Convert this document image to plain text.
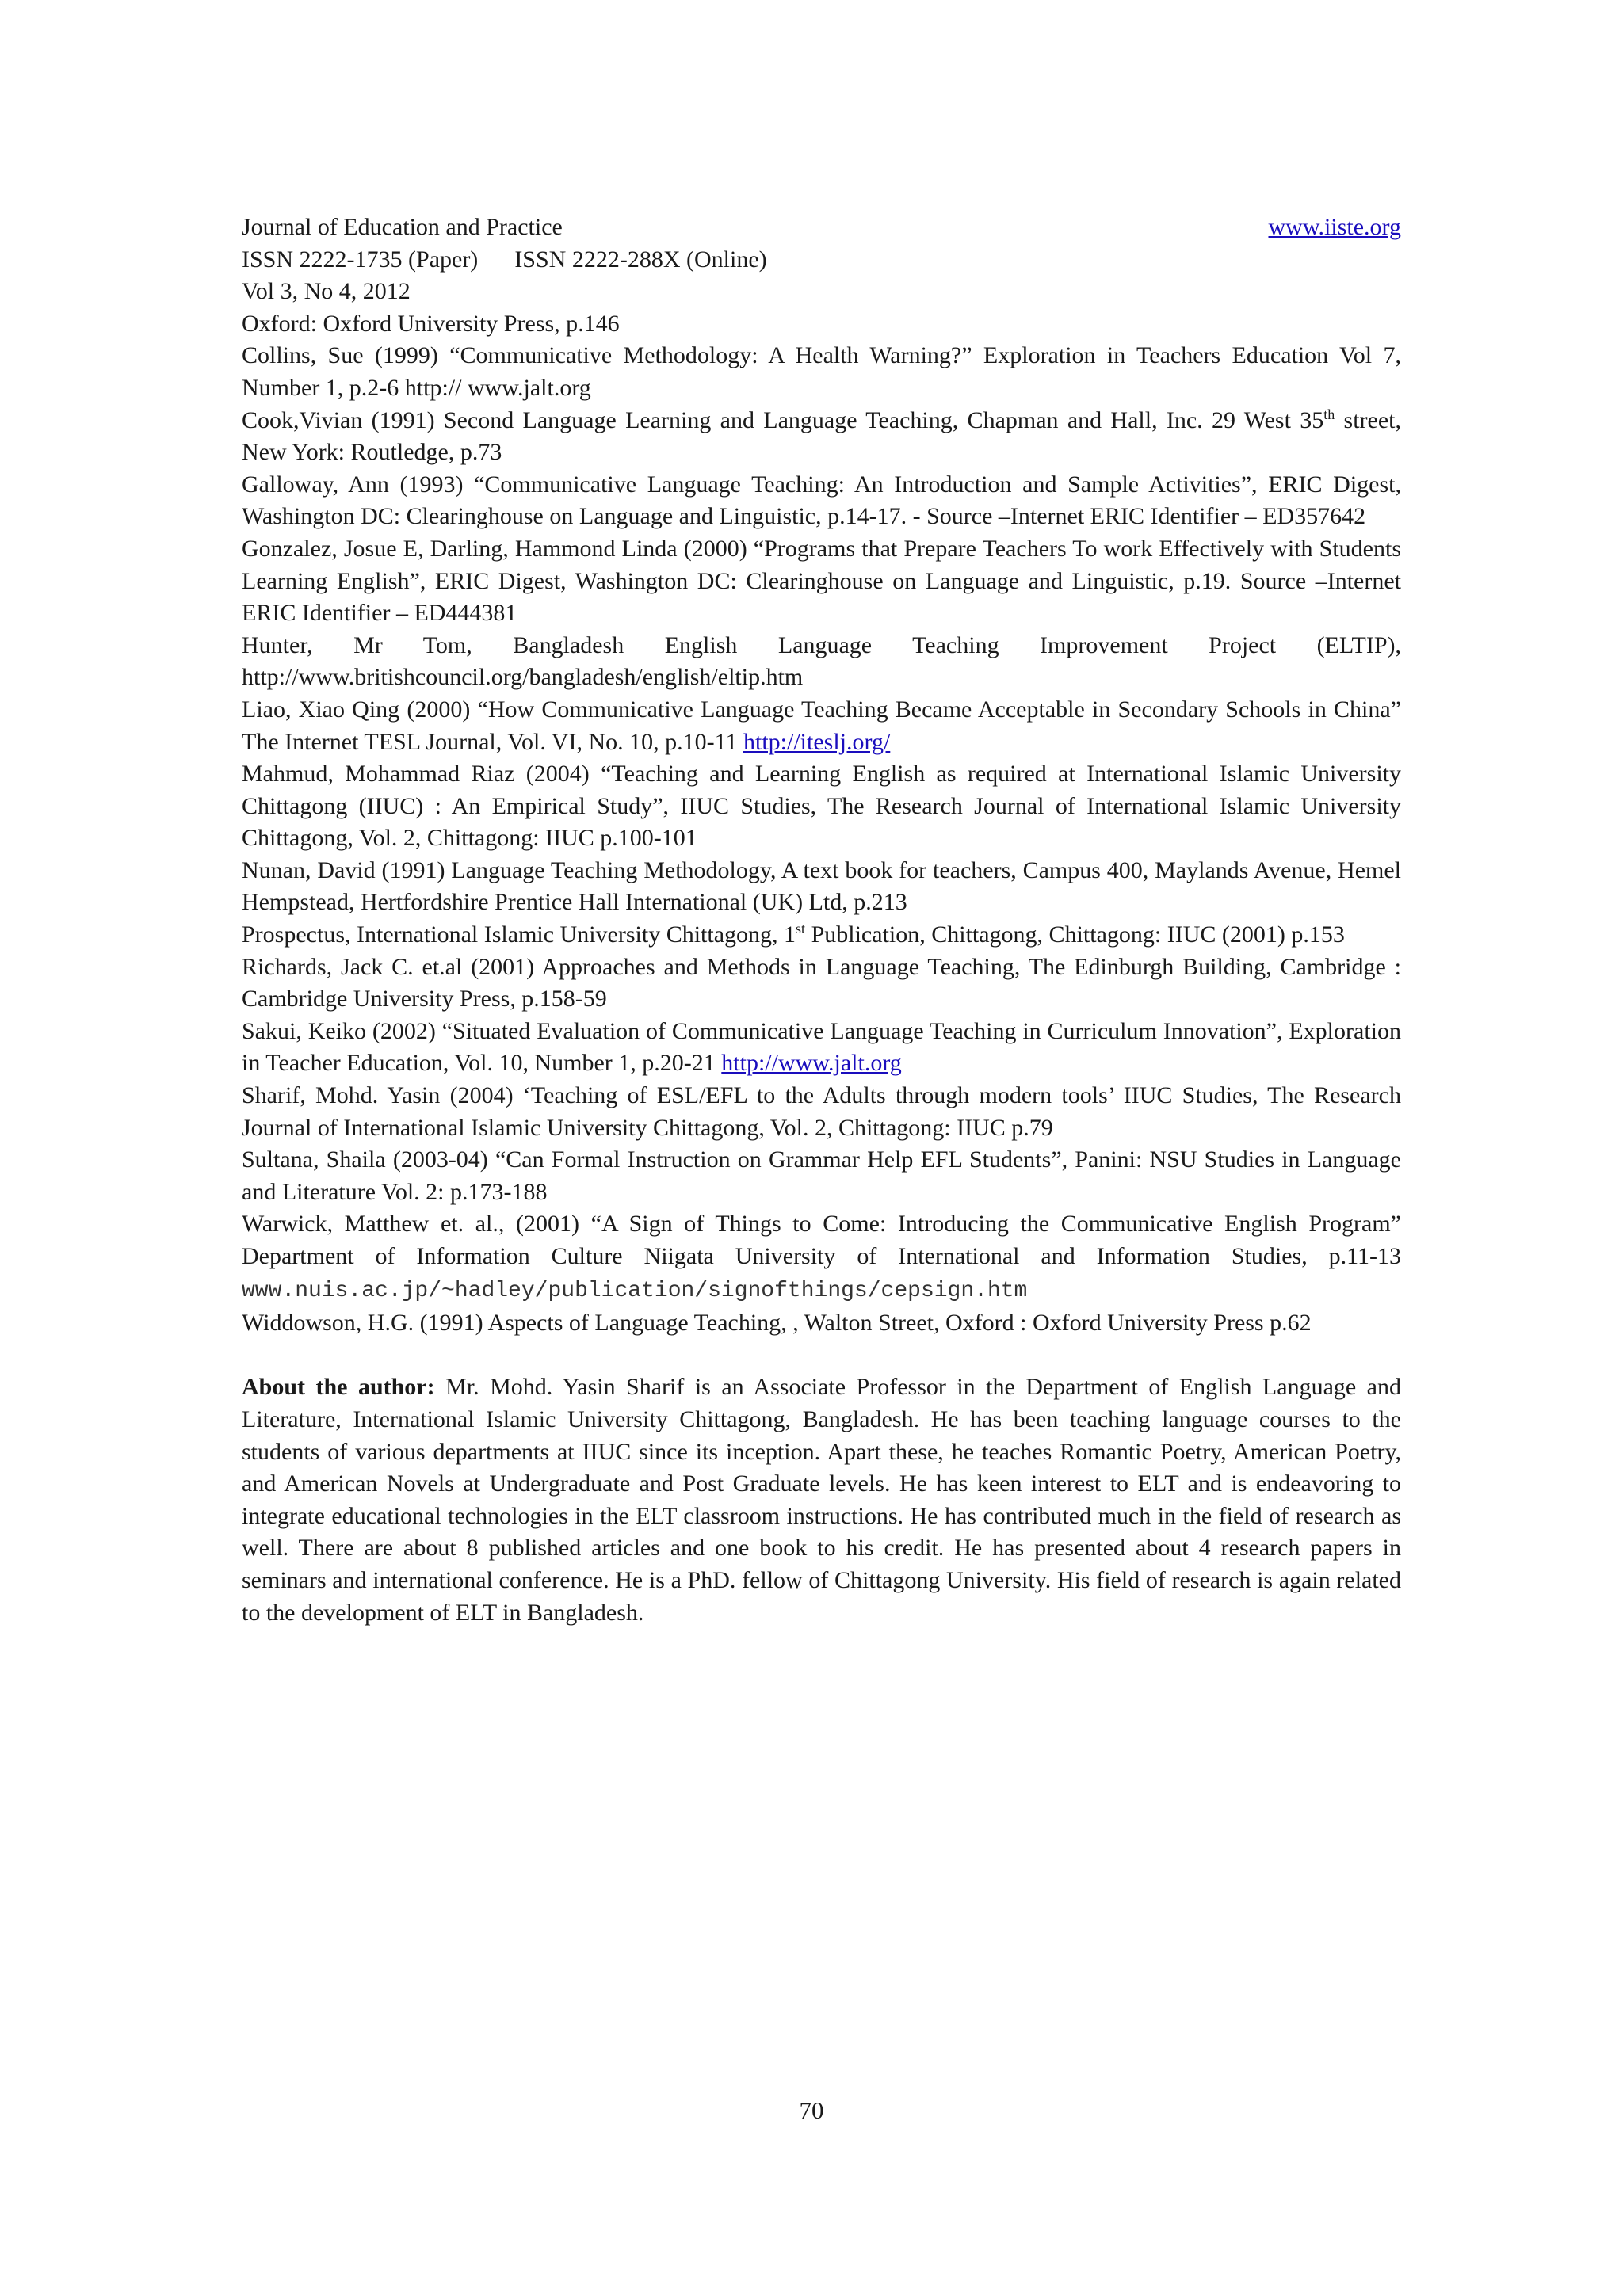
Journal of Education and Practice	www.iiste.org
ISSN 2222-1735 (Paper) ISSN 2222-288X (Online)
Vol 3, No 4, 2012

Oxford: Oxford University Press, p.146

Collins, Sue (1999) “Communicative Methodology: A Health Warning?” Exploration in Teachers Education Vol 7, Number 1, p.2-6 http:// www.jalt.org

Cook,Vivian (1991) Second Language Learning and Language Teaching, Chapman and Hall, Inc. 29 West 35th street, New York: Routledge, p.73

Galloway, Ann (1993) “Communicative Language Teaching: An Introduction and Sample Activities”, ERIC Digest, Washington DC: Clearinghouse on Language and Linguistic, p.14-17. - Source –Internet ERIC Identifier – ED357642

Gonzalez, Josue E, Darling, Hammond Linda (2000) “Programs that Prepare Teachers To work Effectively with Students Learning English”, ERIC Digest, Washington DC: Clearinghouse on Language and Linguistic, p.19. Source –Internet ERIC Identifier – ED444381

Hunter, Mr Tom, Bangladesh English Language Teaching Improvement Project (ELTIP), http://www.britishcouncil.org/bangladesh/english/eltip.htm

Liao, Xiao Qing (2000) “How Communicative Language Teaching Became Acceptable in Secondary Schools in China” The Internet TESL Journal, Vol. VI, No. 10, p.10-11 http://iteslj.org/

Mahmud, Mohammad Riaz (2004) “Teaching and Learning English as required at International Islamic University Chittagong (IIUC) : An Empirical Study”, IIUC Studies, The Research Journal of International Islamic University Chittagong, Vol. 2, Chittagong: IIUC p.100-101

Nunan, David (1991) Language Teaching Methodology, A text book for teachers, Campus 400, Maylands Avenue, Hemel Hempstead, Hertfordshire Prentice Hall International (UK) Ltd, p.213

Prospectus, International Islamic University Chittagong, 1st Publication, Chittagong, Chittagong: IIUC (2001) p.153

Richards, Jack C. et.al (2001) Approaches and Methods in Language Teaching, The Edinburgh Building, Cambridge : Cambridge University Press, p.158-59

Sakui, Keiko (2002) “Situated Evaluation of Communicative Language Teaching in Curriculum Innovation”, Exploration in Teacher Education, Vol. 10, Number 1, p.20-21 http://www.jalt.org

Sharif, Mohd. Yasin (2004) ‘Teaching of ESL/EFL to the Adults through modern tools’ IIUC Studies, The Research Journal of International Islamic University Chittagong, Vol. 2, Chittagong: IIUC p.79

Sultana, Shaila (2003-04) “Can Formal Instruction on Grammar Help EFL Students”, Panini: NSU Studies in Language and Literature Vol. 2: p.173-188

Warwick, Matthew et. al., (2001) “A Sign of Things to Come: Introducing the Communicative English Program” Department of Information Culture Niigata University of International and Information Studies, p.11-13 www.nuis.ac.jp/~hadley/publication/signofthings/cepsign.htm

Widdowson, H.G. (1991) Aspects of Language Teaching, , Walton Street, Oxford : Oxford University Press p.62

About the author: Mr. Mohd. Yasin Sharif is an Associate Professor in the Department of English Language and Literature, International Islamic University Chittagong, Bangladesh. He has been teaching language courses to the students of various departments at IIUC since its inception. Apart these, he teaches Romantic Poetry, American Poetry, and American Novels at Undergraduate and Post Graduate levels. He has keen interest to ELT and is endeavoring to integrate educational technologies in the ELT classroom instructions. He has contributed much in the field of research as well. There are about 8 published articles and one book to his credit. He has presented about 4 research papers in seminars and international conference. He is a PhD. fellow of Chittagong University. His field of research is again related to the development of ELT in Bangladesh.

70
